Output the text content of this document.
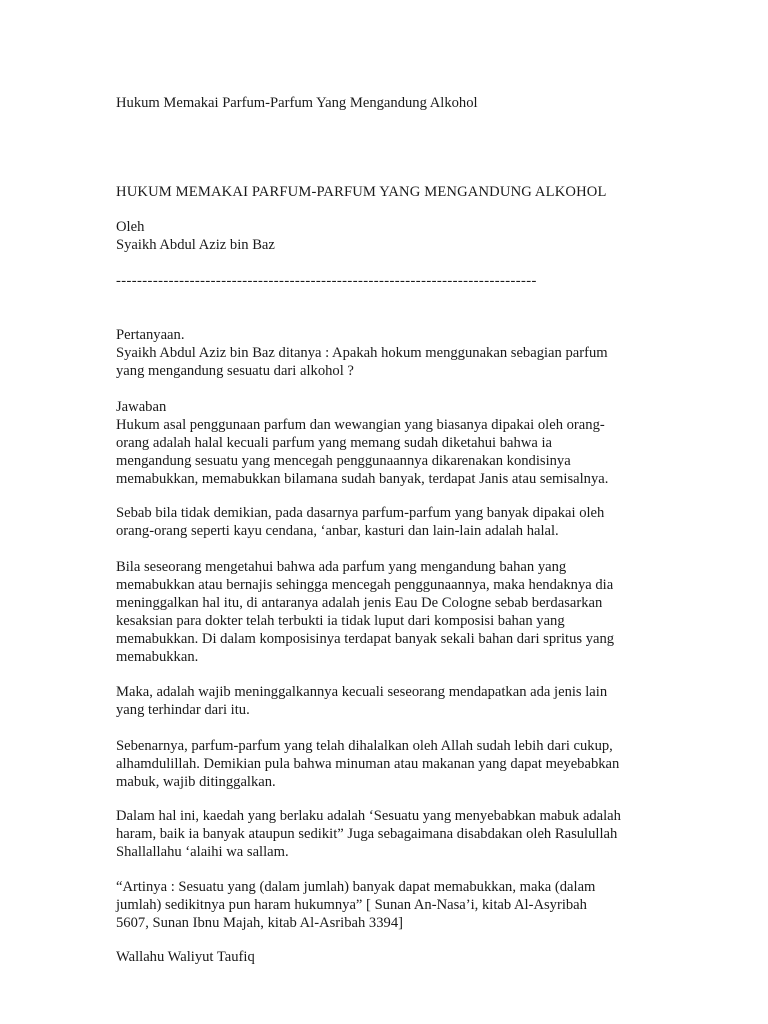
Hukum Memakai Parfum-Parfum Yang Mengandung Alkohol
HUKUM MEMAKAI PARFUM-PARFUM YANG MENGANDUNG ALKOHOL
Oleh
Syaikh Abdul Aziz bin Baz
--------------------------------------------------------------------------------
Pertanyaan.
Syaikh Abdul Aziz bin Baz ditanya : Apakah hokum menggunakan sebagian parfum
yang mengandung sesuatu dari alkohol ?
Jawaban
Hukum asal penggunaan parfum dan wewangian yang biasanya dipakai oleh orang-
orang adalah halal kecuali parfum yang memang sudah diketahui bahwa ia
mengandung sesuatu yang mencegah penggunaannya dikarenakan kondisinya
memabukkan, memabukkan bilamana sudah banyak, terdapat Janis atau semisalnya.
Sebab bila tidak demikian, pada dasarnya parfum-parfum yang banyak dipakai oleh
orang-orang seperti kayu cendana, ‘anbar, kasturi dan lain-lain adalah halal.
Bila seseorang mengetahui bahwa ada parfum yang mengandung bahan yang
memabukkan atau bernajis sehingga mencegah penggunaannya, maka hendaknya dia
meninggalkan hal itu, di antaranya adalah jenis Eau De Cologne sebab berdasarkan
kesaksian para dokter telah terbukti ia tidak luput dari komposisi bahan yang
memabukkan. Di dalam komposisinya terdapat banyak sekali bahan dari spritus yang
memabukkan.
Maka, adalah wajib meninggalkannya kecuali seseorang mendapatkan ada jenis lain
yang terhindar dari itu.
Sebenarnya, parfum-parfum yang telah dihalalkan oleh Allah sudah lebih dari cukup,
alhamdulillah. Demikian pula bahwa minuman atau makanan yang dapat meyebabkan
mabuk, wajib ditinggalkan.
Dalam hal ini, kaedah yang berlaku adalah ‘Sesuatu yang menyebabkan mabuk adalah
haram, baik ia banyak ataupun sedikit” Juga sebagaimana disabdakan oleh Rasulullah
Shallallahu ‘alaihi wa sallam.
“Artinya : Sesuatu yang (dalam jumlah) banyak dapat memabukkan, maka (dalam
jumlah) sedikitnya pun haram hukumnya” [ Sunan An-Nasa’i, kitab Al-Asyribah
5607, Sunan Ibnu Majah, kitab Al-Asribah 3394]
Wallahu Waliyut Taufiq
